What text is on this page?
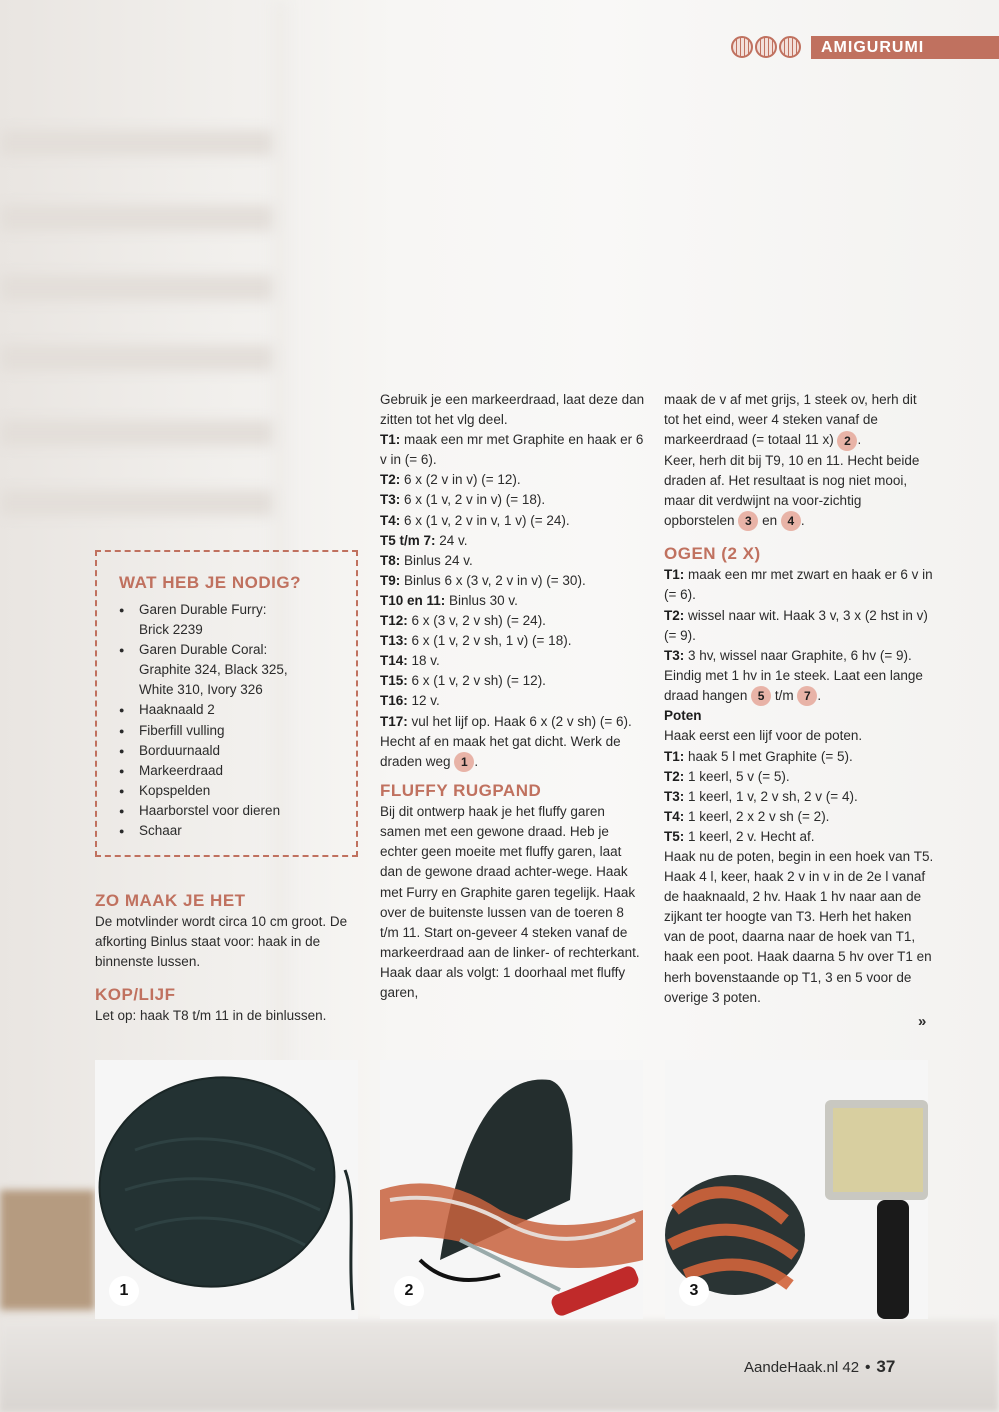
AMIGURUMI
WAT HEB JE NODIG?
● Garen Durable Furry:
Brick 2239
● Garen Durable Coral:
Graphite 324, Black 325,
White 310, Ivory 326
● Haaknaald 2
● Fiberfill vulling
● Borduurnaald
● Markeerdraad
● Kopspelden
● Haarborstel voor dieren
● Schaar
ZO MAAK JE HET

De motvlinder wordt circa 10 cm groot. De afkorting Binlus staat voor: haak in de binnenste lussen.

KOP/LIJF

Let op: haak T8 t/m 11 in de binlussen.

Gebruik je een markeerdraad, laat deze dan zitten tot het vlg deel.

T1: maak een mr met Graphite en haak er 6 v in (= 6).

T2: 6 x (2 v in v) (= 12).

T3: 6 x (1 v, 2 v in v) (= 18).

T4: 6 x (1 v, 2 v in v, 1 v) (= 24).

T5 t/m 7: 24 v.

T8: Binlus 24 v.

T9: Binlus 6 x (3 v, 2 v in v) (= 30).

T10 en 11: Binlus 30 v.

T12: 6 x (3 v, 2 v sh) (= 24).

T13: 6 x (1 v, 2 v sh, 1 v) (= 18).

T14: 18 v.

T15: 6 x (1 v, 2 v sh) (= 12).

T16: 12 v.

T17: vul het lijf op. Haak 6 x (2 v sh) (= 6).

Hecht af en maak het gat dicht. Werk de draden weg 1 .

FLUFFY RUGPAND

Bij dit ontwerp haak je het fluffy garen samen met een gewone draad. Heb je echter geen moeite met fluffy garen, laat dan de gewone draad achter-wege. Haak met Furry en Graphite garen tegelijk. Haak over de buitenste lussen van de toeren 8 t/m 11. Start on-geveer 4 steken vanaf de markeerdraad aan de linker- of rechterkant. Haak daar als volgt: 1 doorhaal met fluffy garen,

maak de v af met grijs, 1 steek ov, herh dit tot het eind, weer 4 steken vanaf de markeerdraad (= totaal 11 x) 2 .

Keer, herh dit bij T9, 10 en 11. Hecht beide draden af. Het resultaat is nog niet mooi, maar dit verdwijnt na voor-zichtig opborstelen 3 en 4 .

OGEN (2 X)

T1: maak een mr met zwart en haak er 6 v in (= 6).

T2: wissel naar wit. Haak 3 v, 3 x (2 hst in v) (= 9).

T3: 3 hv, wissel naar Graphite, 6 hv (= 9). Eindig met 1 hv in 1e steek. Laat een lange draad hangen 5 t/m 7 .

Poten

Haak eerst een lijf voor de poten.

T1: haak 5 l met Graphite (= 5).

T2: 1 keerl, 5 v (= 5).

T3: 1 keerl, 1 v, 2 v sh, 2 v (= 4).

T4: 1 keerl, 2 x 2 v sh (= 2).

T5: 1 keerl, 2 v. Hecht af.

Haak nu de poten, begin in een hoek van T5. Haak 4 l, keer, haak 2 v in v in de 2e l vanaf de haaknaald, 2 hv. Haak 1 hv naar aan de zijkant ter hoogte van T3. Herh het haken van de poot, daarna naar de hoek van T1, haak een poot. Haak daarna 5 hv over T1 en herh bovenstaande op T1, 3 en 5 voor de overige 3 poten.

»
1	2	3
AandeHaak.nl 42 • 37
